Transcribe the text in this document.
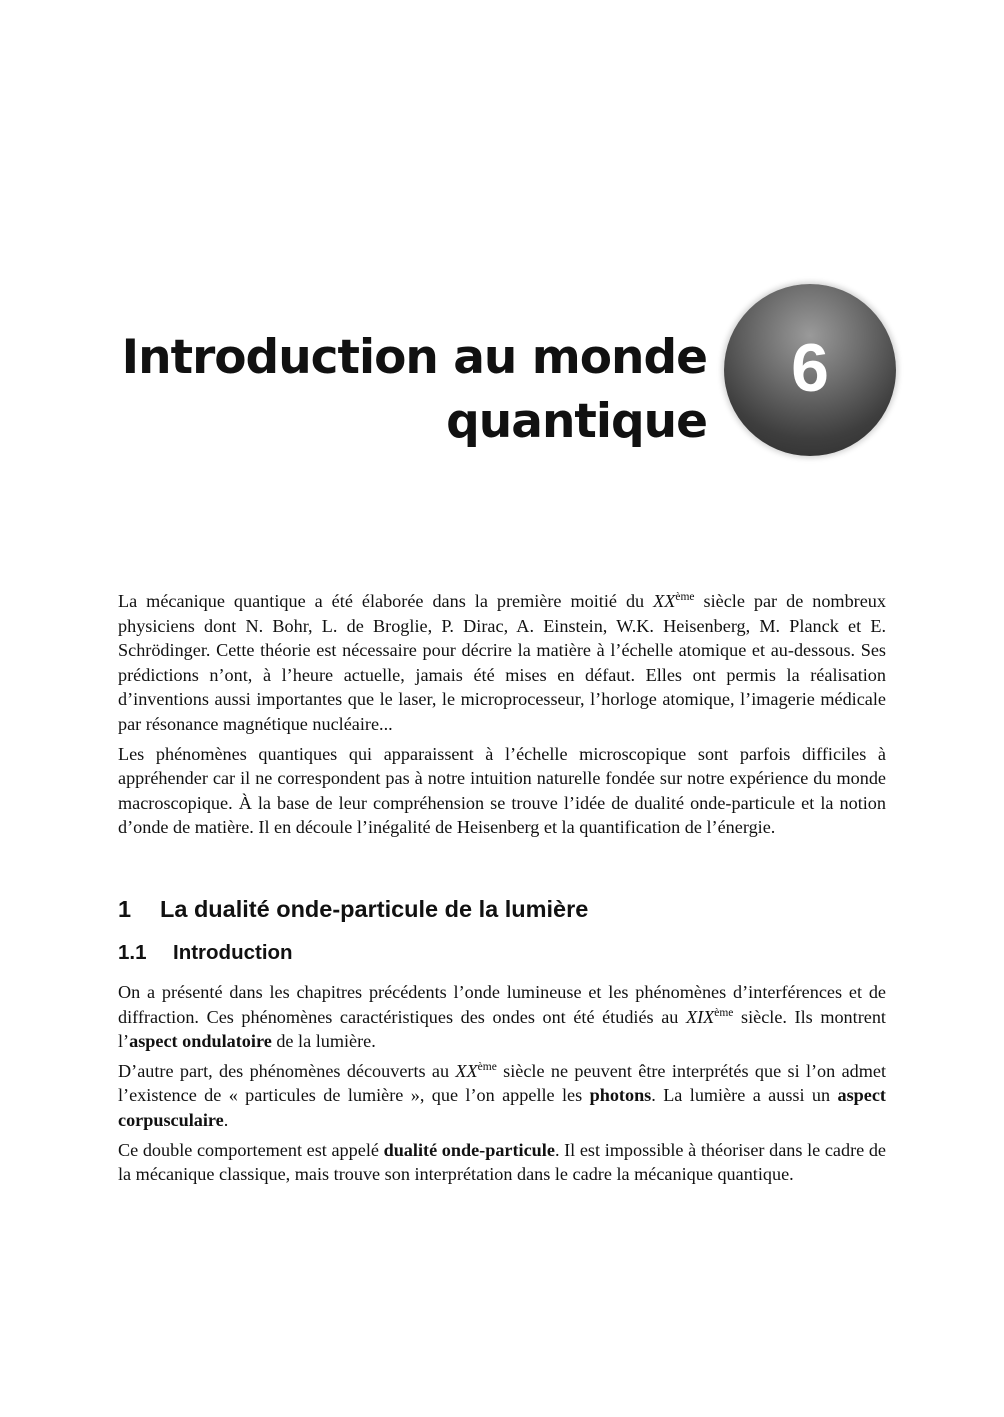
Introduction au monde
quantique
6

La mécanique quantique a été élaborée dans la première moitié du XXème siècle par de nombreux physiciens dont N. Bohr, L. de Broglie, P. Dirac, A. Einstein, W.K. Heisenberg, M. Planck et E. Schrödinger. Cette théorie est nécessaire pour décrire la matière à l’échelle atomique et au-dessous. Ses prédictions n’ont, à l’heure actuelle, jamais été mises en défaut. Elles ont permis la réalisation d’inventions aussi importantes que le laser, le microprocesseur, l’horloge atomique, l’imagerie médicale par résonance magnétique nucléaire...

Les phénomènes quantiques qui apparaissent à l’échelle microscopique sont parfois difficiles à appréhender car il ne correspondent pas à notre intuition naturelle fondée sur notre expérience du monde macroscopique. À la base de leur compréhension se trouve l’idée de dualité onde-particule et la notion d’onde de matière. Il en découle l’inégalité de Heisenberg et la quantification de l’énergie.

1 La dualité onde-particule de la lumière
1.1 Introduction

On a présenté dans les chapitres précédents l’onde lumineuse et les phénomènes d’interférences et de diffraction. Ces phénomènes caractéristiques des ondes ont été étudiés au XIXème siècle. Ils montrent l’aspect ondulatoire de la lumière.

D’autre part, des phénomènes découverts au XXème siècle ne peuvent être interprétés que si l’on admet l’existence de « particules de lumière », que l’on appelle les photons. La lumière a aussi un aspect corpusculaire.

Ce double comportement est appelé dualité onde-particule. Il est impossible à théoriser dans le cadre de la mécanique classique, mais trouve son interprétation dans le cadre la mécanique quantique.
